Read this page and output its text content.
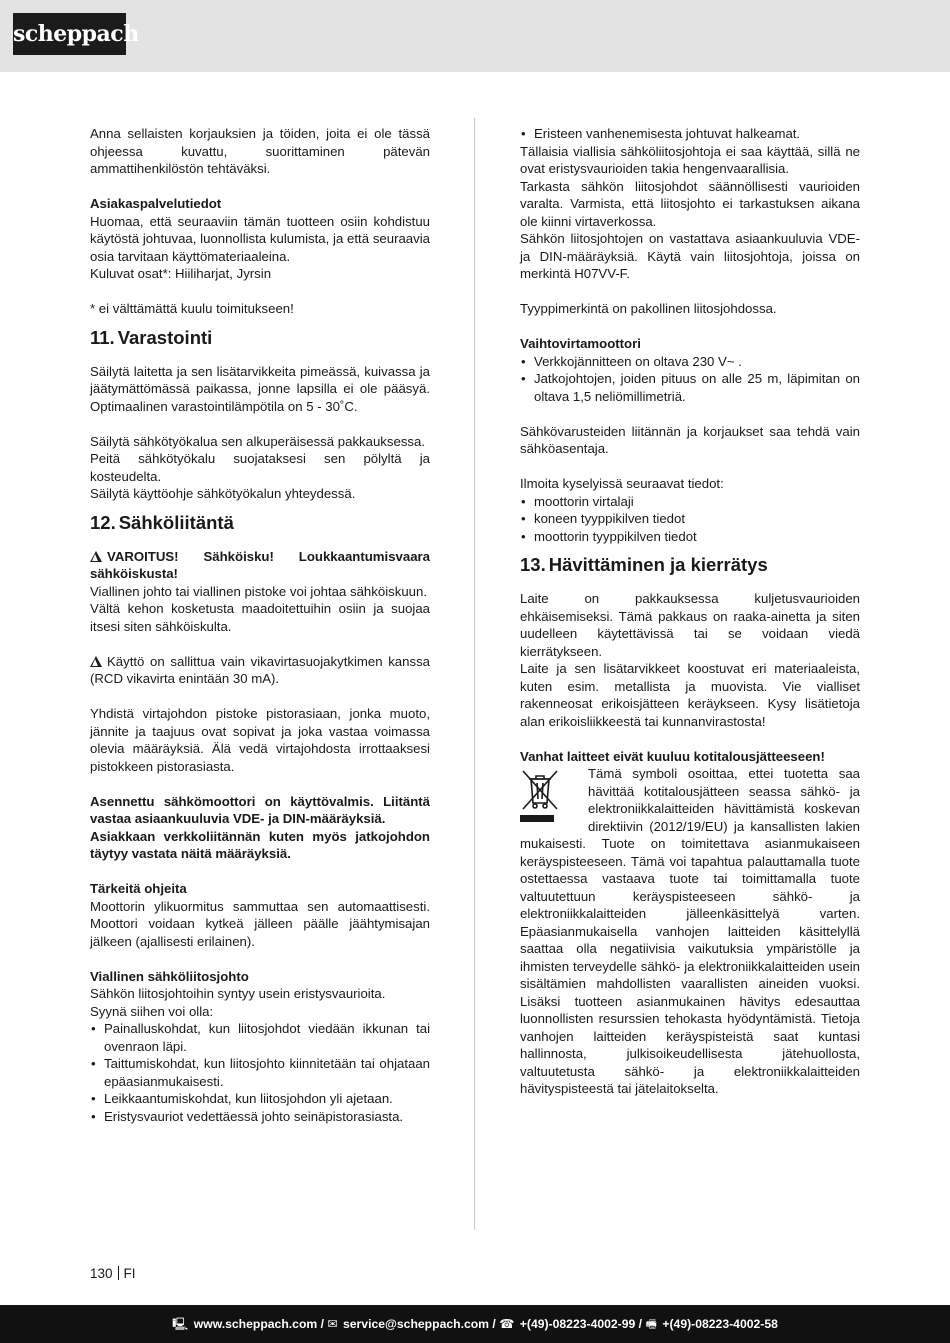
scheppach
Anna sellaisten korjauksien ja töiden, joita ei ole tässä ohjeessa kuvattu, suorittaminen pätevän ammattihenkilöstön tehtäväksi.
Asiakaspalvelutiedot
Huomaa, että seuraaviin tämän tuotteen osiin kohdistuu käytöstä johtuvaa, luonnollista kulumista, ja että seuraavia osia tarvitaan käyttömateriaaleina.
Kuluvat osat*: Hiiliharjat, Jyrsin
* ei välttämättä kuulu toimitukseen!
11. Varastointi
Säilytä laitetta ja sen lisätarvikkeita pimeässä, kuivassa ja jäätymättömässä paikassa, jonne lapsilla ei ole pääsyä. Optimaalinen varastointilämpötila on 5 - 30˚C.
Säilytä sähkötyökalua sen alkuperäisessä pakkauksessa.
Peitä sähkötyökalu suojataksesi sen pölyltä ja kosteudelta.
Säilytä käyttöohje sähkötyökalun yhteydessä.
12. Sähköliitäntä
VAROITUS! Sähköisku! Loukkaantumisvaara sähköiskusta!
Viallinen johto tai viallinen pistoke voi johtaa sähköiskuun.
Vältä kehon kosketusta maadoitettuihin osiin ja suojaa itsesi siten sähköiskulta.
Käyttö on sallittua vain vikavirtasuojakytkimen kanssa (RCD vikavirta enintään 30 mA).
Yhdistä virtajohdon pistoke pistorasiaan, jonka muoto, jännite ja taajuus ovat sopivat ja joka vastaa voimassa olevia määräyksiä. Älä vedä virtajohdosta irrottaaksesi pistokkeen pistorasiasta.
Asennettu sähkömoottori on käyttövalmis. Liitäntä vastaa asiaankuuluvia VDE- ja DIN-määräyksiä.
Asiakkaan verkkoliitännän kuten myös jatkojohdon täytyy vastata näitä määräyksiä.
Tärkeitä ohjeita
Moottorin ylikuormitus sammuttaa sen automaattisesti. Moottori voidaan kytkeä jälleen päälle jäähtymisajan jälkeen (ajallisesti erilainen).
Viallinen sähköliitosjohto
Sähkön liitosjohtoihin syntyy usein eristysvaurioita.
Syynä siihen voi olla:
• Painalluskohdat, kun liitosjohdot viedään ikkunan tai ovenraon läpi.
• Taittumiskohdat, kun liitosjohto kiinnitetään tai ohjataan epäasianmukaisesti.
• Leikkaantumiskohdat, kun liitosjohdon yli ajetaan.
• Eristysvauriot vedettäessä johto seinäpistorasiasta.
• Eristeen vanhenemisesta johtuvat halkeamat.
Tällaisia viallisia sähköliitosjohtoja ei saa käyttää, sillä ne ovat eristysvaurioiden takia hengenvaarallisia.
Tarkasta sähkön liitosjohdot säännöllisesti vaurioiden varalta. Varmista, että liitosjohto ei tarkastuksen aikana ole kiinni virtaverkossa.
Sähkön liitosjohtojen on vastattava asiaankuuluvia VDE- ja DIN-määräyksiä. Käytä vain liitosjohtoja, joissa on merkintä H07VV-F.
Tyyppimerkintä on pakollinen liitosjohdossa.
Vaihtovirtamoottori
• Verkkojännitteen on oltava 230 V~ .
• Jatkojohtojen, joiden pituus on alle 25 m, läpimitan on oltava 1,5 neliömillimetriä.
Sähkövarusteiden liitännän ja korjaukset saa tehdä vain sähköasentaja.
Ilmoita kyselyissä seuraavat tiedot:
• moottorin virtalaji
• koneen tyyppikilven tiedot
• moottorin tyyppikilven tiedot
13. Hävittäminen ja kierrätys
Laite on pakkauksessa kuljetusvaurioiden ehkäisemiseksi. Tämä pakkaus on raaka-ainetta ja siten uudelleen käytettävissä tai se voidaan viedä kierrätykseen.
Laite ja sen lisätarvikkeet koostuvat eri materiaaleista, kuten esim. metallista ja muovista. Vie vialliset rakenneosat erikoisjätteen keräykseen. Kysy lisätietoja alan erikoisliikkeestä tai kunnanvirastosta!
Vanhat laitteet eivät kuuluu kotitalousjätteeseen!
Tämä symboli osoittaa, ettei tuotetta saa hävittää kotitalousjätteen seassa sähkö- ja elektroniikkalaitteiden hävittämistä koskevan direktiivin (2012/19/EU) ja kansallisten lakien mukaisesti. Tuote on toimitettava asianmukaiseen keräyspisteeseen. Tämä voi tapahtua palauttamalla tuote ostettaessa vastaava tuote tai toimittamalla tuote valtuutettuun keräyspisteeseen sähkö- ja elektroniikkalaitteiden jälleenkäsittelyä varten. Epäasianmukaisella vanhojen laitteiden käsittelyllä saattaa olla negatiivisia vaikutuksia ympäristölle ja ihmisten terveydelle sähkö- ja elektroniikkalaitteiden usein sisältämien mahdollisten vaarallisten aineiden vuoksi. Lisäksi tuotteen asianmukainen hävitys edesauttaa luonnollisten resurssien tehokasta hyödyntämistä. Tietoja vanhojen laitteiden keräyspisteistä saat kuntasi hallinnosta, julkisoikeudellisesta jätehuollosta, valtuutetusta sähkö- ja elektroniikkalaitteiden hävityspisteestä tai jätelaitokselta.
130 FI
🖳 www.scheppach.com / ✉ service@scheppach.com / ☎ +(49)-08223-4002-99 / 🖷 +(49)-08223-4002-58
